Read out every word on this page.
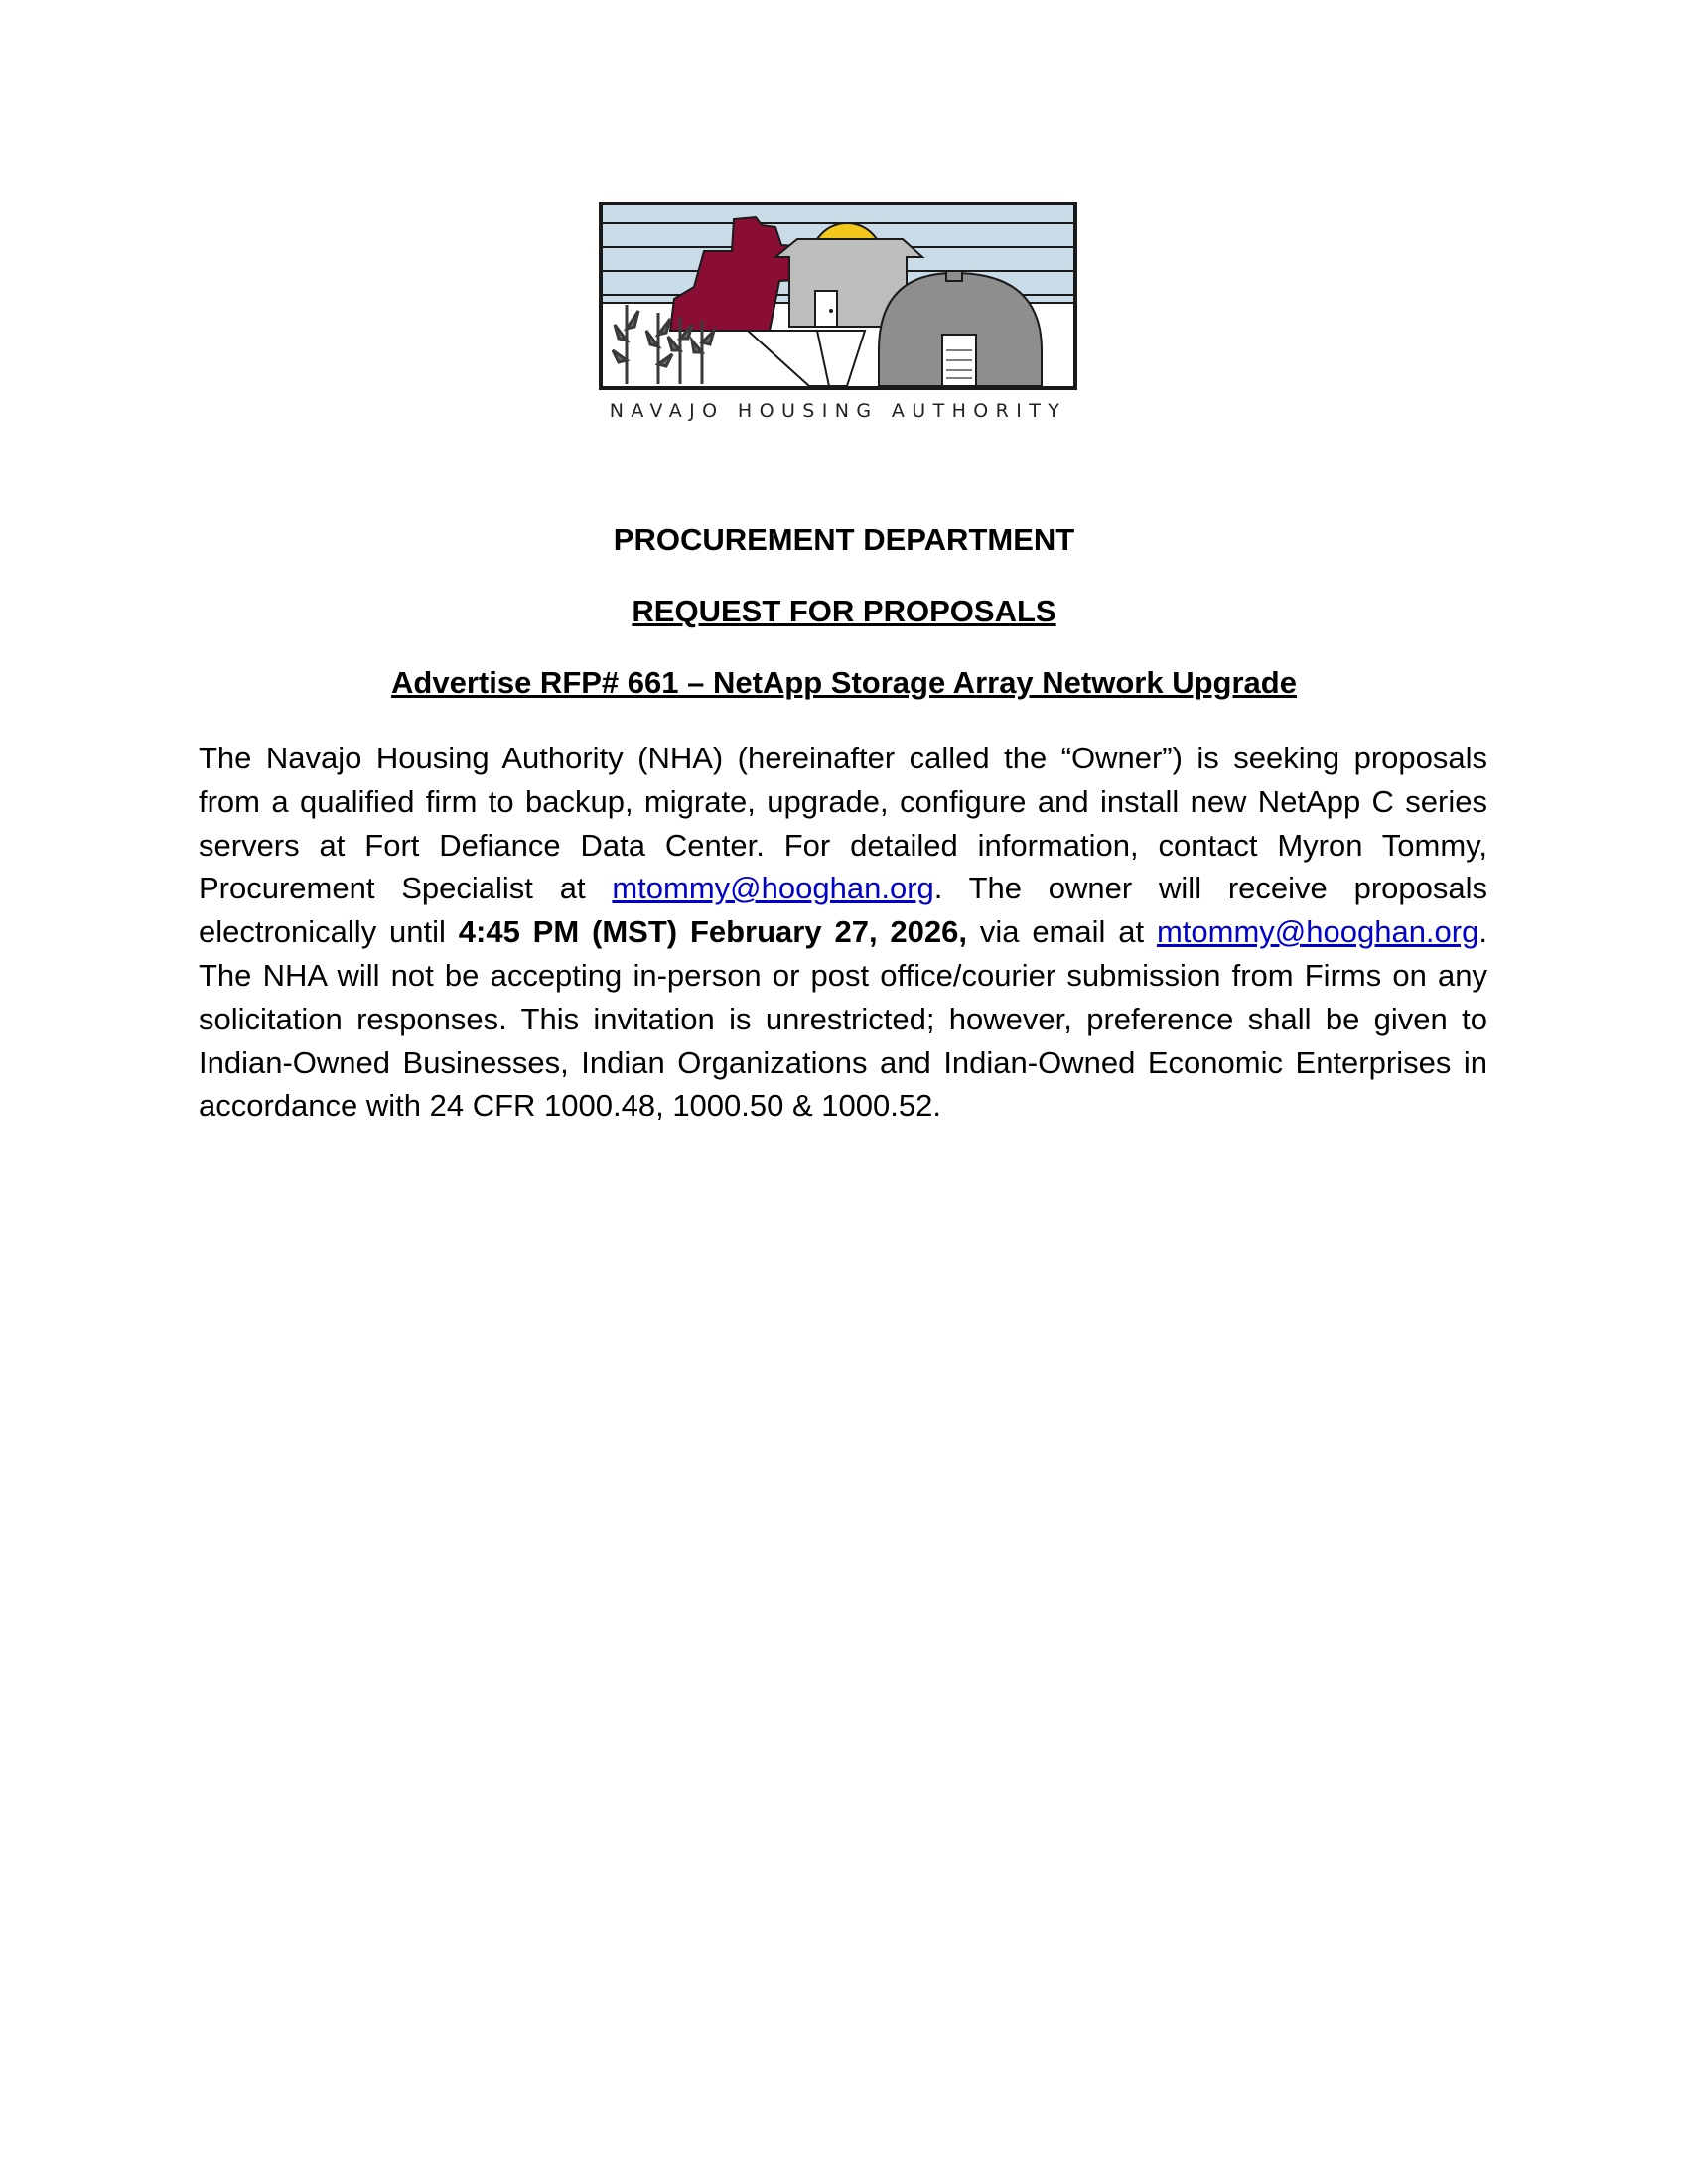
NAVAJO HOUSING AUTHORITY
PROCUREMENT DEPARTMENT
REQUEST FOR PROPOSALS
Advertise RFP# 661 – NetApp Storage Array Network Upgrade
The Navajo Housing Authority (NHA) (hereinafter called the “Owner”) is seeking proposals from a qualified firm to backup, migrate, upgrade, configure and install new NetApp C series servers at Fort Defiance Data Center. For detailed information, contact Myron Tommy, Procurement Specialist at mtommy@hooghan.org. The owner will receive proposals electronically until 4:45 PM (MST) February 27, 2026, via email at mtommy@hooghan.org. The NHA will not be accepting in-person or post office/courier submission from Firms on any solicitation responses. This invitation is unrestricted; however, preference shall be given to Indian-Owned Businesses, Indian Organizations and Indian-Owned Economic Enterprises in accordance with 24 CFR 1000.48, 1000.50 & 1000.52.
